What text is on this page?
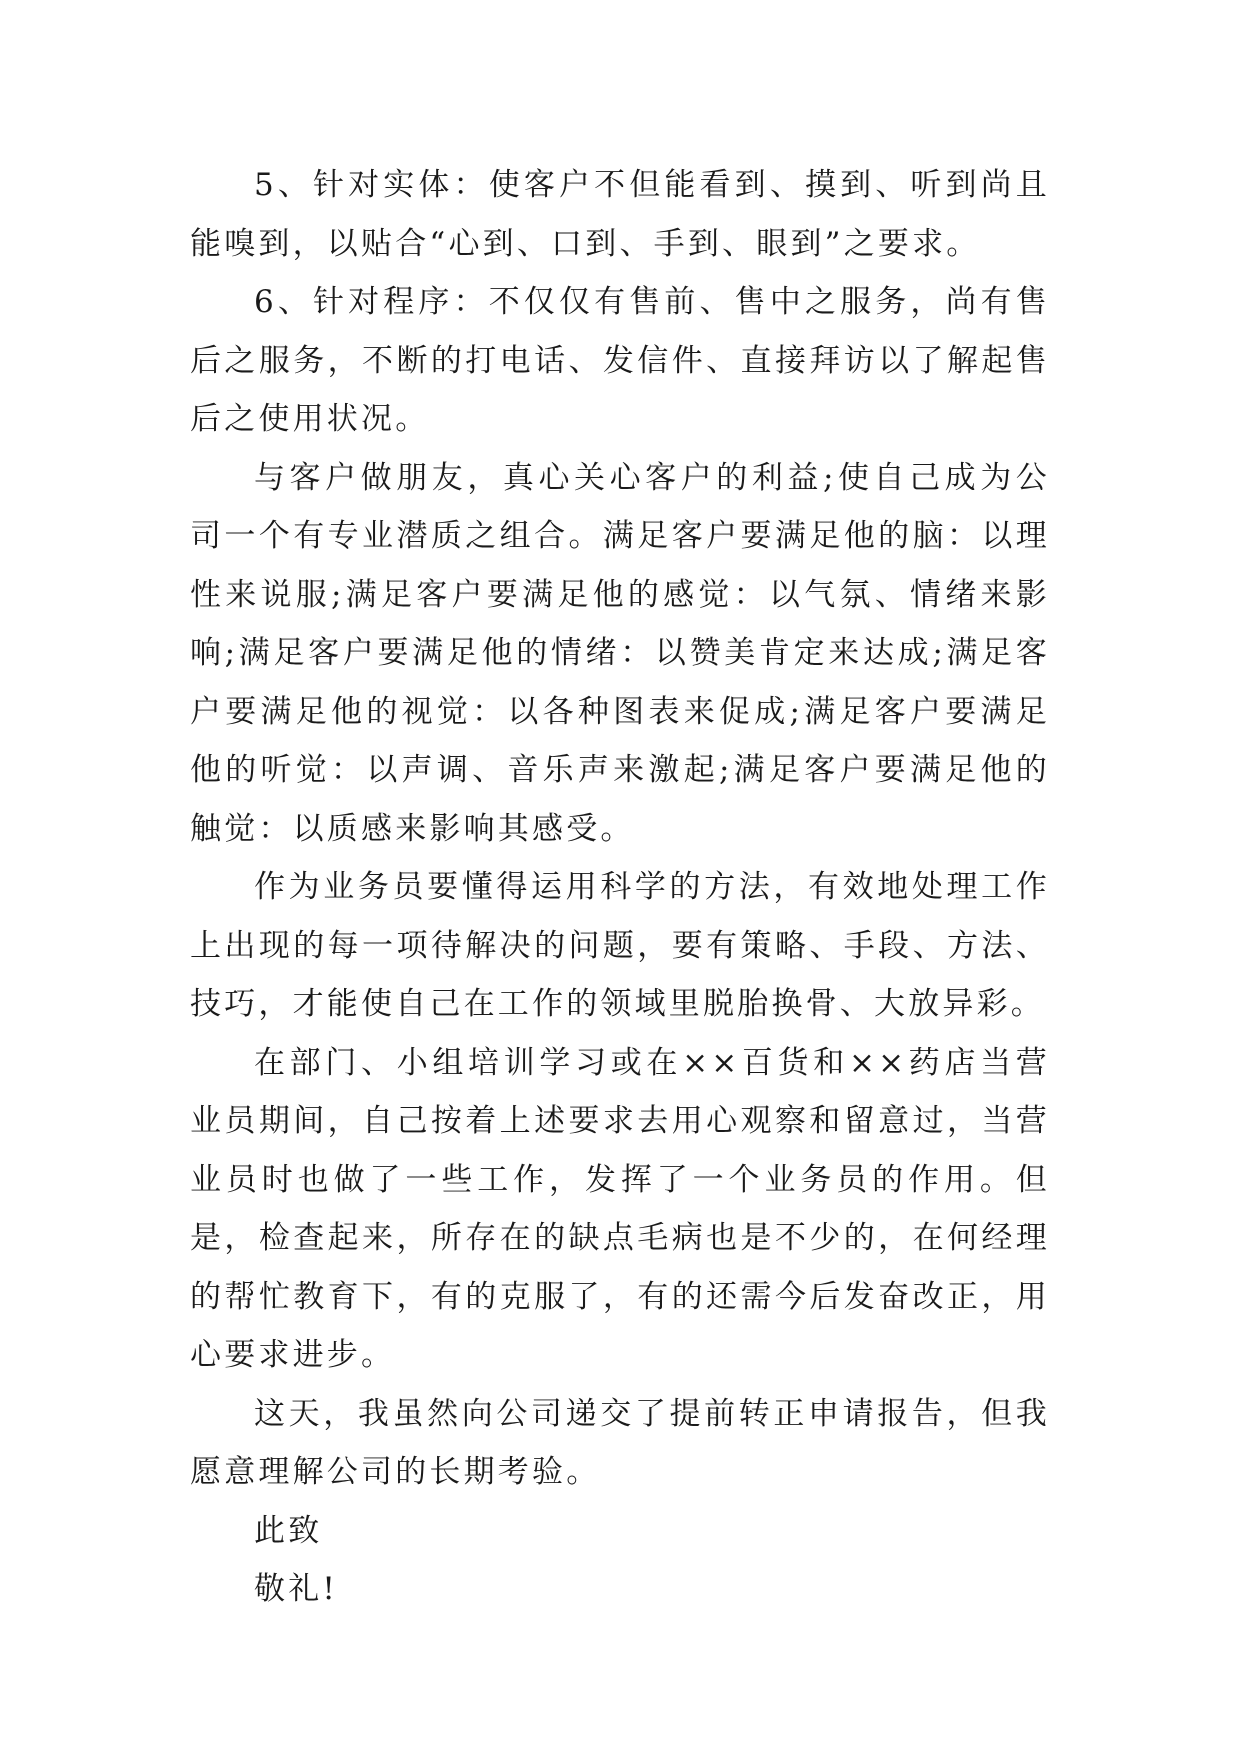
5、针对实体：使客户不但能看到、摸到、听到尚且能嗅到，以贴合“心到、口到、手到、眼到”之要求。

6、针对程序：不仅仅有售前、售中之服务，尚有售后之服务，不断的打电话、发信件、直接拜访以了解起售后之使用状况。

与客户做朋友，真心关心客户的利益;使自己成为公司一个有专业潜质之组合。满足客户要满足他的脑：以理性来说服;满足客户要满足他的感觉：以气氛、情绪来影响;满足客户要满足他的情绪：以赞美肯定来达成;满足客户要满足他的视觉：以各种图表来促成;满足客户要满足他的听觉：以声调、音乐声来激起;满足客户要满足他的触觉：以质感来影响其感受。

作为业务员要懂得运用科学的方法，有效地处理工作上出现的每一项待解决的问题，要有策略、手段、方法、技巧，才能使自己在工作的领域里脱胎换骨、大放异彩。

在部门、小组培训学习或在××百货和××药店当营业员期间，自己按着上述要求去用心观察和留意过，当营业员时也做了一些工作，发挥了一个业务员的作用。但是，检查起来，所存在的缺点毛病也是不少的，在何经理的帮忙教育下，有的克服了，有的还需今后发奋改正，用心要求进步。

这天，我虽然向公司递交了提前转正申请报告，但我愿意理解公司的长期考验。

此致

敬礼!
